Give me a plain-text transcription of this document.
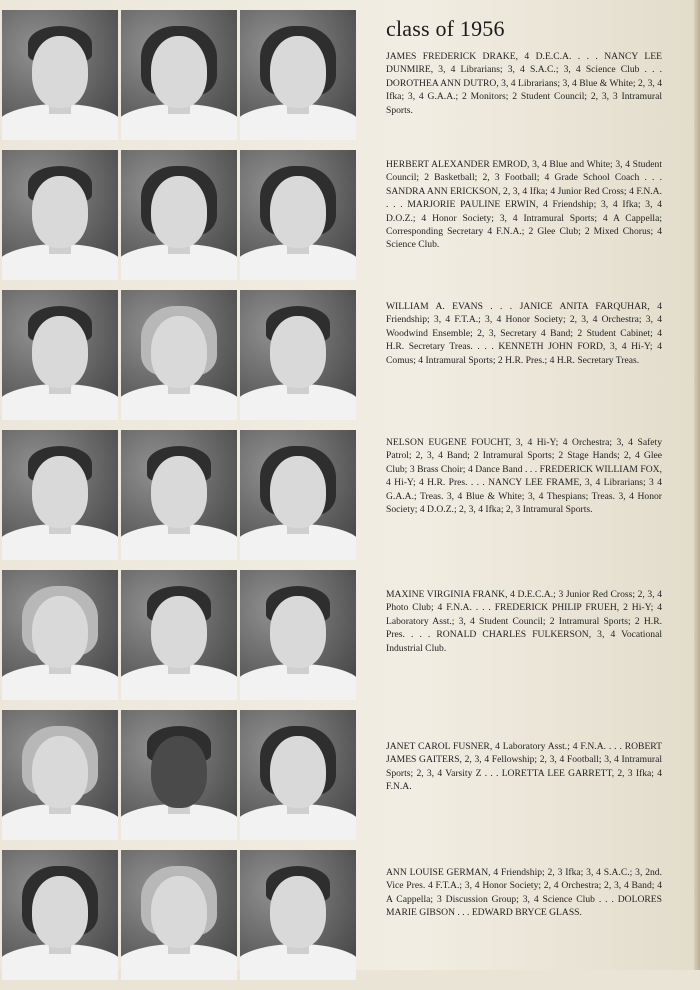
class of 1956
JAMES FREDERICK DRAKE, 4 D.E.C.A. . . . NANCY LEE DUNMIRE, 3, 4 Librarians; 3, 4 S.A.C.; 3, 4 Science Club . . . DOROTHEA ANN DUTRO, 3, 4 Librarians; 3, 4 Blue & White; 2, 3, 4 Ifka; 3, 4 G.A.A.; 2 Monitors; 2 Student Council; 2, 3, 3 Intramural Sports.
HERBERT ALEXANDER EMROD, 3, 4 Blue and White; 3, 4 Student Council; 2 Basketball; 2, 3 Football; 4 Grade School Coach . . . SANDRA ANN ERICKSON, 2, 3, 4 Ifka; 4 Junior Red Cross; 4 F.N.A. . . . MARJORIE PAULINE ERWIN, 4 Friendship; 3, 4 Ifka; 3, 4 D.O.Z.; 4 Honor Society; 3, 4 Intramural Sports; 4 A Cappella; Corresponding Secretary 4 F.N.A.; 2 Glee Club; 2 Mixed Chorus; 4 Science Club.
WILLIAM A. EVANS . . . JANICE ANITA FARQUHAR, 4 Friendship; 3, 4 F.T.A.; 3, 4 Honor Society; 2, 3, 4 Orchestra; 3, 4 Woodwind Ensemble; 2, 3, Secretary 4 Band; 2 Student Cabinet; 4 H.R. Secretary Treas. . . . KENNETH JOHN FORD, 3, 4 Hi-Y; 4 Comus; 4 Intramural Sports; 2 H.R. Pres.; 4 H.R. Secretary Treas.
NELSON EUGENE FOUCHT, 3, 4 Hi-Y; 4 Orchestra; 3, 4 Safety Patrol; 2, 3, 4 Band; 2 Intramural Sports; 2 Stage Hands; 2, 4 Glee Club; 3 Brass Choir; 4 Dance Band . . . FREDERICK WILLIAM FOX, 4 Hi-Y; 4 H.R. Pres. . . . NANCY LEE FRAME, 3, 4 Librarians; 3 4 G.A.A.; Treas. 3, 4 Blue & White; 3, 4 Thespians; Treas. 3, 4 Honor Society; 4 D.O.Z.; 2, 3, 4 Ifka; 2, 3 Intramural Sports.
MAXINE VIRGINIA FRANK, 4 D.E.C.A.; 3 Junior Red Cross; 2, 3, 4 Photo Club; 4 F.N.A. . . . FREDERICK PHILIP FRUEH, 2 Hi-Y; 4 Laboratory Asst.; 3, 4 Student Council; 2 Intramural Sports; 2 H.R. Pres. . . . RONALD CHARLES FULKERSON, 3, 4 Vocational Industrial Club.
JANET CAROL FUSNER, 4 Laboratory Asst.; 4 F.N.A. . . . ROBERT JAMES GAITERS, 2, 3, 4 Fellowship; 2, 3, 4 Football; 3, 4 Intramural Sports; 2, 3, 4 Varsity Z . . . LORETTA LEE GARRETT, 2, 3 Ifka; 4 F.N.A.
ANN LOUISE GERMAN, 4 Friendship; 2, 3 Ifka; 3, 4 S.A.C.; 3, 2nd. Vice Pres. 4 F.T.A.; 3, 4 Honor Society; 2, 4 Orchestra; 2, 3, 4 Band; 4 A Cappella; 3 Discussion Group; 3, 4 Science Club . . . DOLORES MARIE GIBSON . . . EDWARD BRYCE GLASS.
